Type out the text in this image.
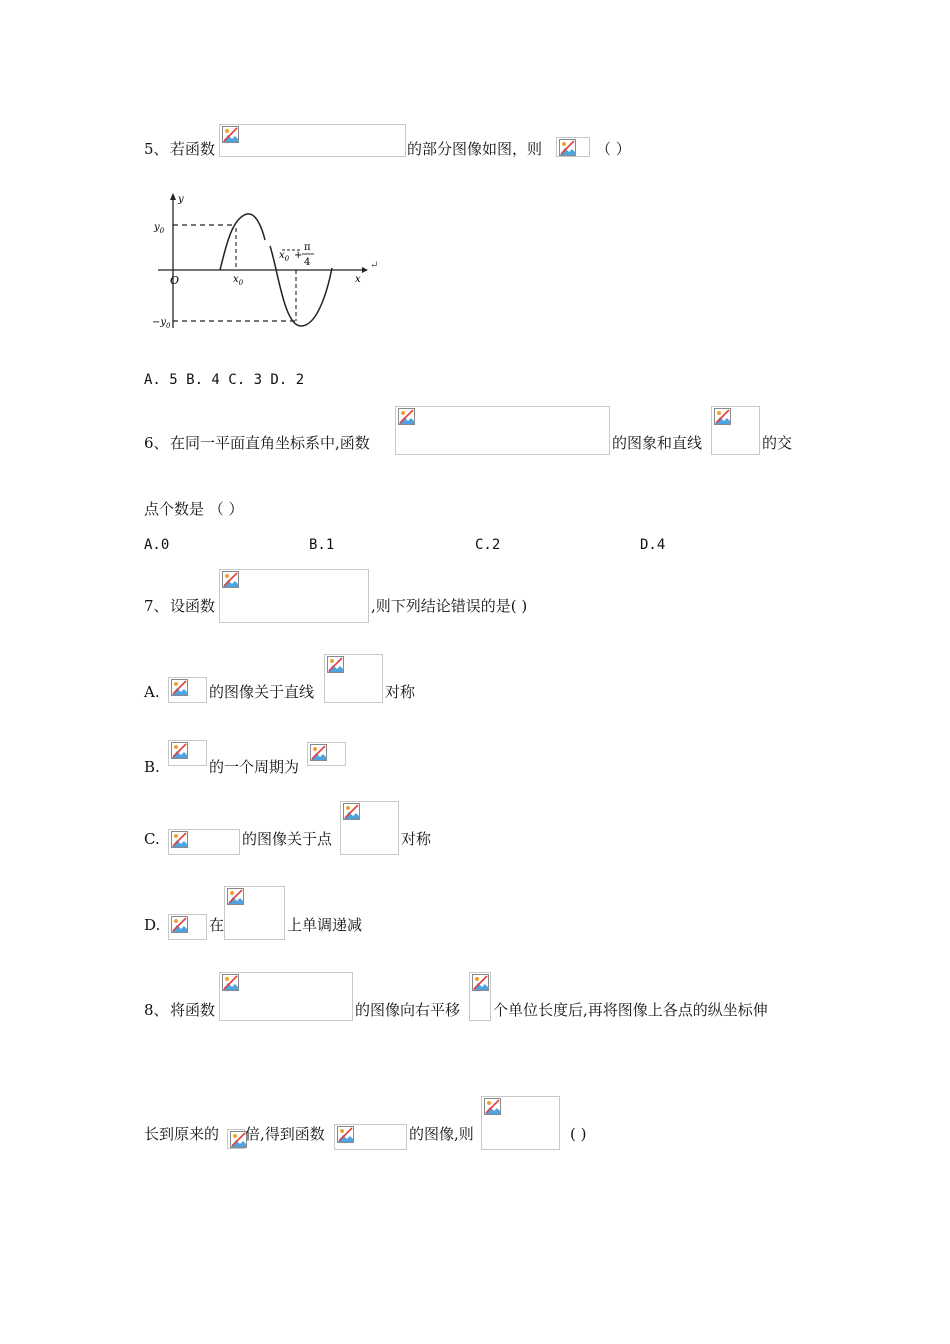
5、 若函数	的部分图像如图，则	（ ）
y
x
O
$y_0$
$-y_0$
$x_0$
$x_0$ +
π
4	↵
A. 5 B. 4 C. 3 D. 2
6、 在同一平面直角坐标系中,函数	的图象和直线	的交
点个数是 （ ）
A.0	B.1	C.2	D.4
7、 设函数	,则下列结论错误的是( )
A.	的图像关于直线	对称
B.	的一个周期为
C.	的图像关于点	对称
D.	在	上单调递减
8、 将函数	的图像向右平移 个单位长度后,再将图像上各点的纵坐标伸
长到原来的 倍,得到函数	的图像,则	( )
